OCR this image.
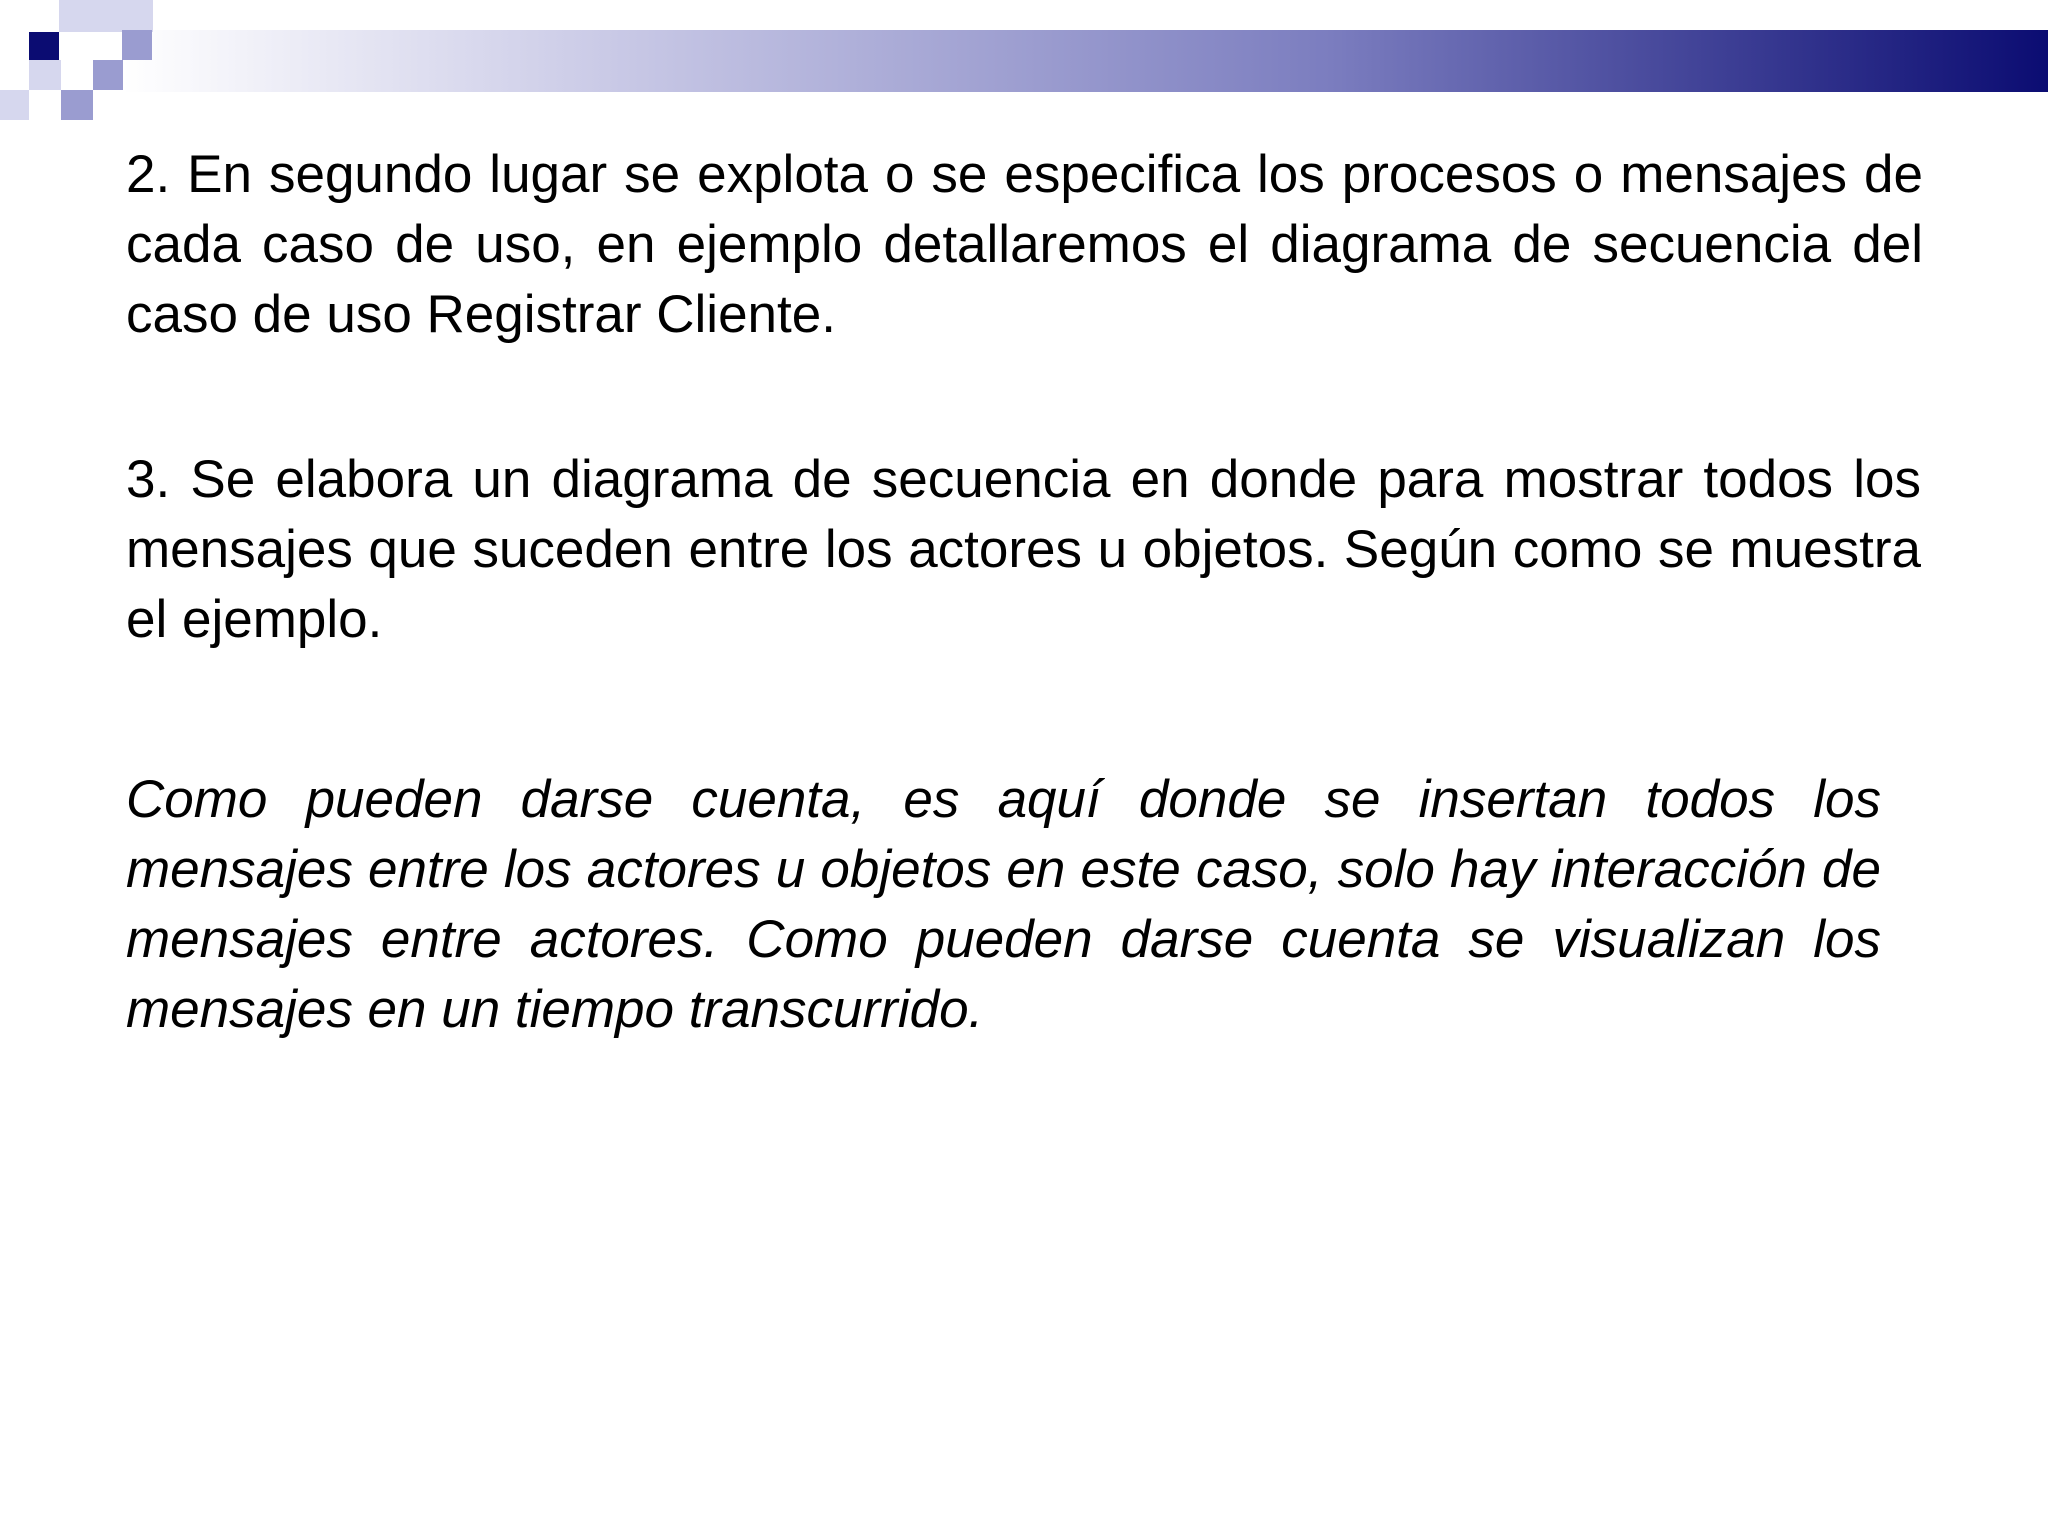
2. En segundo lugar se explota o se especifica los procesos o mensajes de cada caso de uso, en ejemplo detallaremos el diagrama de secuencia del caso de uso Registrar Cliente.

3. Se elabora un diagrama de secuencia en donde para mostrar todos los mensajes que suceden entre los actores u objetos. Según como se muestra el ejemplo.

Como pueden darse cuenta, es aquí donde se insertan todos los mensajes entre los actores u objetos en este caso, solo hay interacción de mensajes entre actores. Como pueden darse cuenta se visualizan los mensajes en un tiempo transcurrido.
